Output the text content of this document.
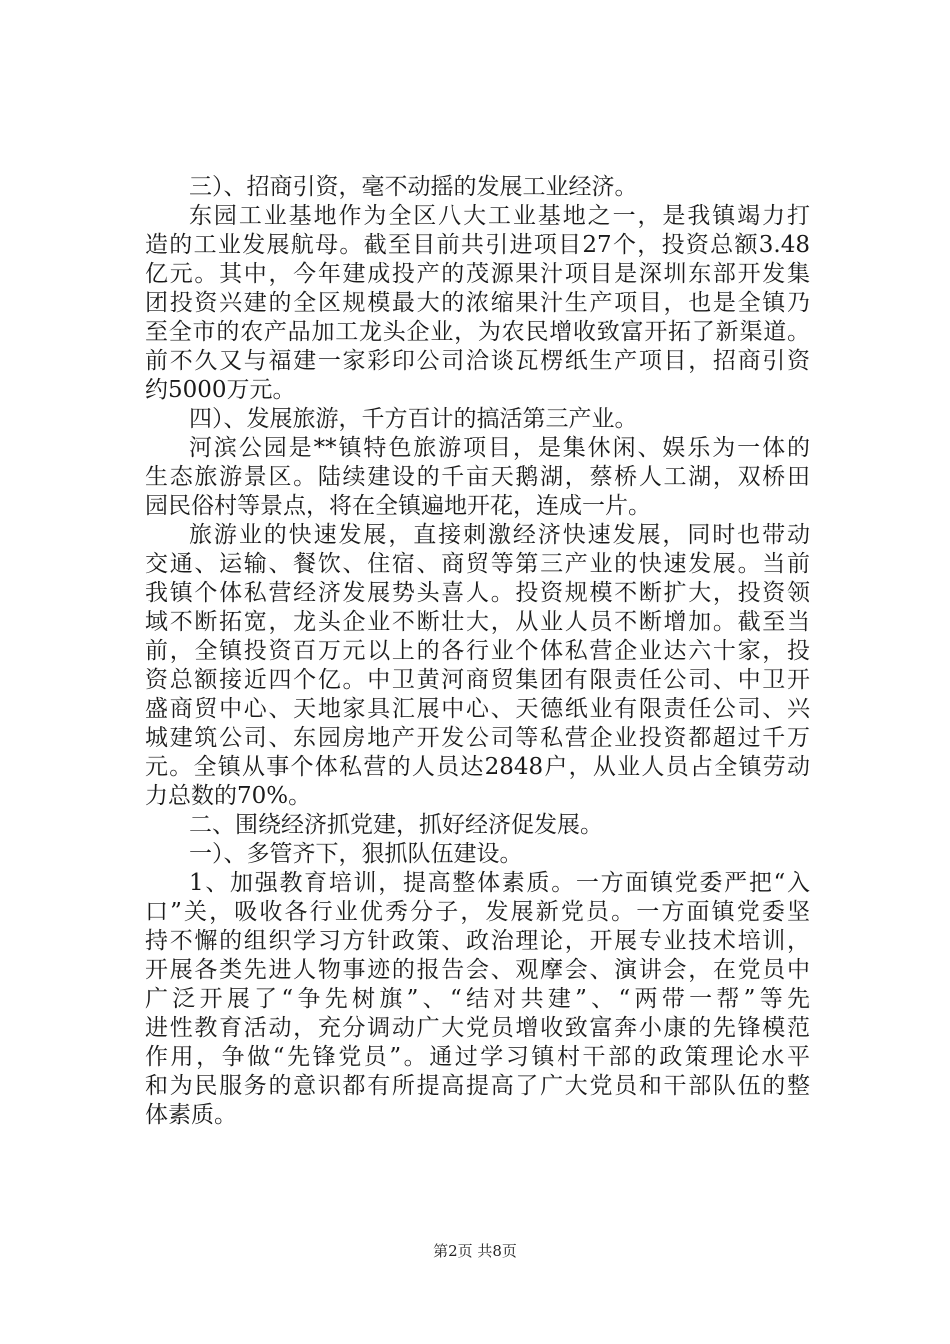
三）、招商引资，毫不动摇的发展工业经济。
东园工业基地作为全区八大工业基地之一，是我镇竭力打
造的工业发展航母。截至目前共引进项目27个，投资总额3.48
亿元。其中，今年建成投产的茂源果汁项目是深圳东部开发集
团投资兴建的全区规模最大的浓缩果汁生产项目，也是全镇乃
至全市的农产品加工龙头企业，为农民增收致富开拓了新渠道。
前不久又与福建一家彩印公司洽谈瓦楞纸生产项目，招商引资
约5000万元。
四）、发展旅游，千方百计的搞活第三产业。
河滨公园是**镇特色旅游项目，是集休闲、娱乐为一体的
生态旅游景区。陆续建设的千亩天鹅湖，蔡桥人工湖，双桥田
园民俗村等景点，将在全镇遍地开花，连成一片。
旅游业的快速发展，直接刺激经济快速发展，同时也带动
交通、运输、餐饮、住宿、商贸等第三产业的快速发展。当前
我镇个体私营经济发展势头喜人。投资规模不断扩大，投资领
域不断拓宽，龙头企业不断壮大，从业人员不断增加。截至当
前，全镇投资百万元以上的各行业个体私营企业达六十家，投
资总额接近四个亿。中卫黄河商贸集团有限责任公司、中卫开
盛商贸中心、天地家具汇展中心、天德纸业有限责任公司、兴
城建筑公司、东园房地产开发公司等私营企业投资都超过千万
元。全镇从事个体私营的人员达2848户，从业人员占全镇劳动
力总数的70%。
二、围绕经济抓党建，抓好经济促发展。
一）、多管齐下，狠抓队伍建设。
1、加强教育培训，提高整体素质。一方面镇党委严把“入
口”关，吸收各行业优秀分子，发展新党员。一方面镇党委坚
持不懈的组织学习方针政策、政治理论，开展专业技术培训，
开展各类先进人物事迹的报告会、观摩会、演讲会，在党员中
广泛开展了“争先树旗”、“结对共建”、“两带一帮”等先
进性教育活动，充分调动广大党员增收致富奔小康的先锋模范
作用，争做“先锋党员”。通过学习镇村干部的政策理论水平
和为民服务的意识都有所提高提高了广大党员和干部队伍的整
体素质。
第2页 共8页
